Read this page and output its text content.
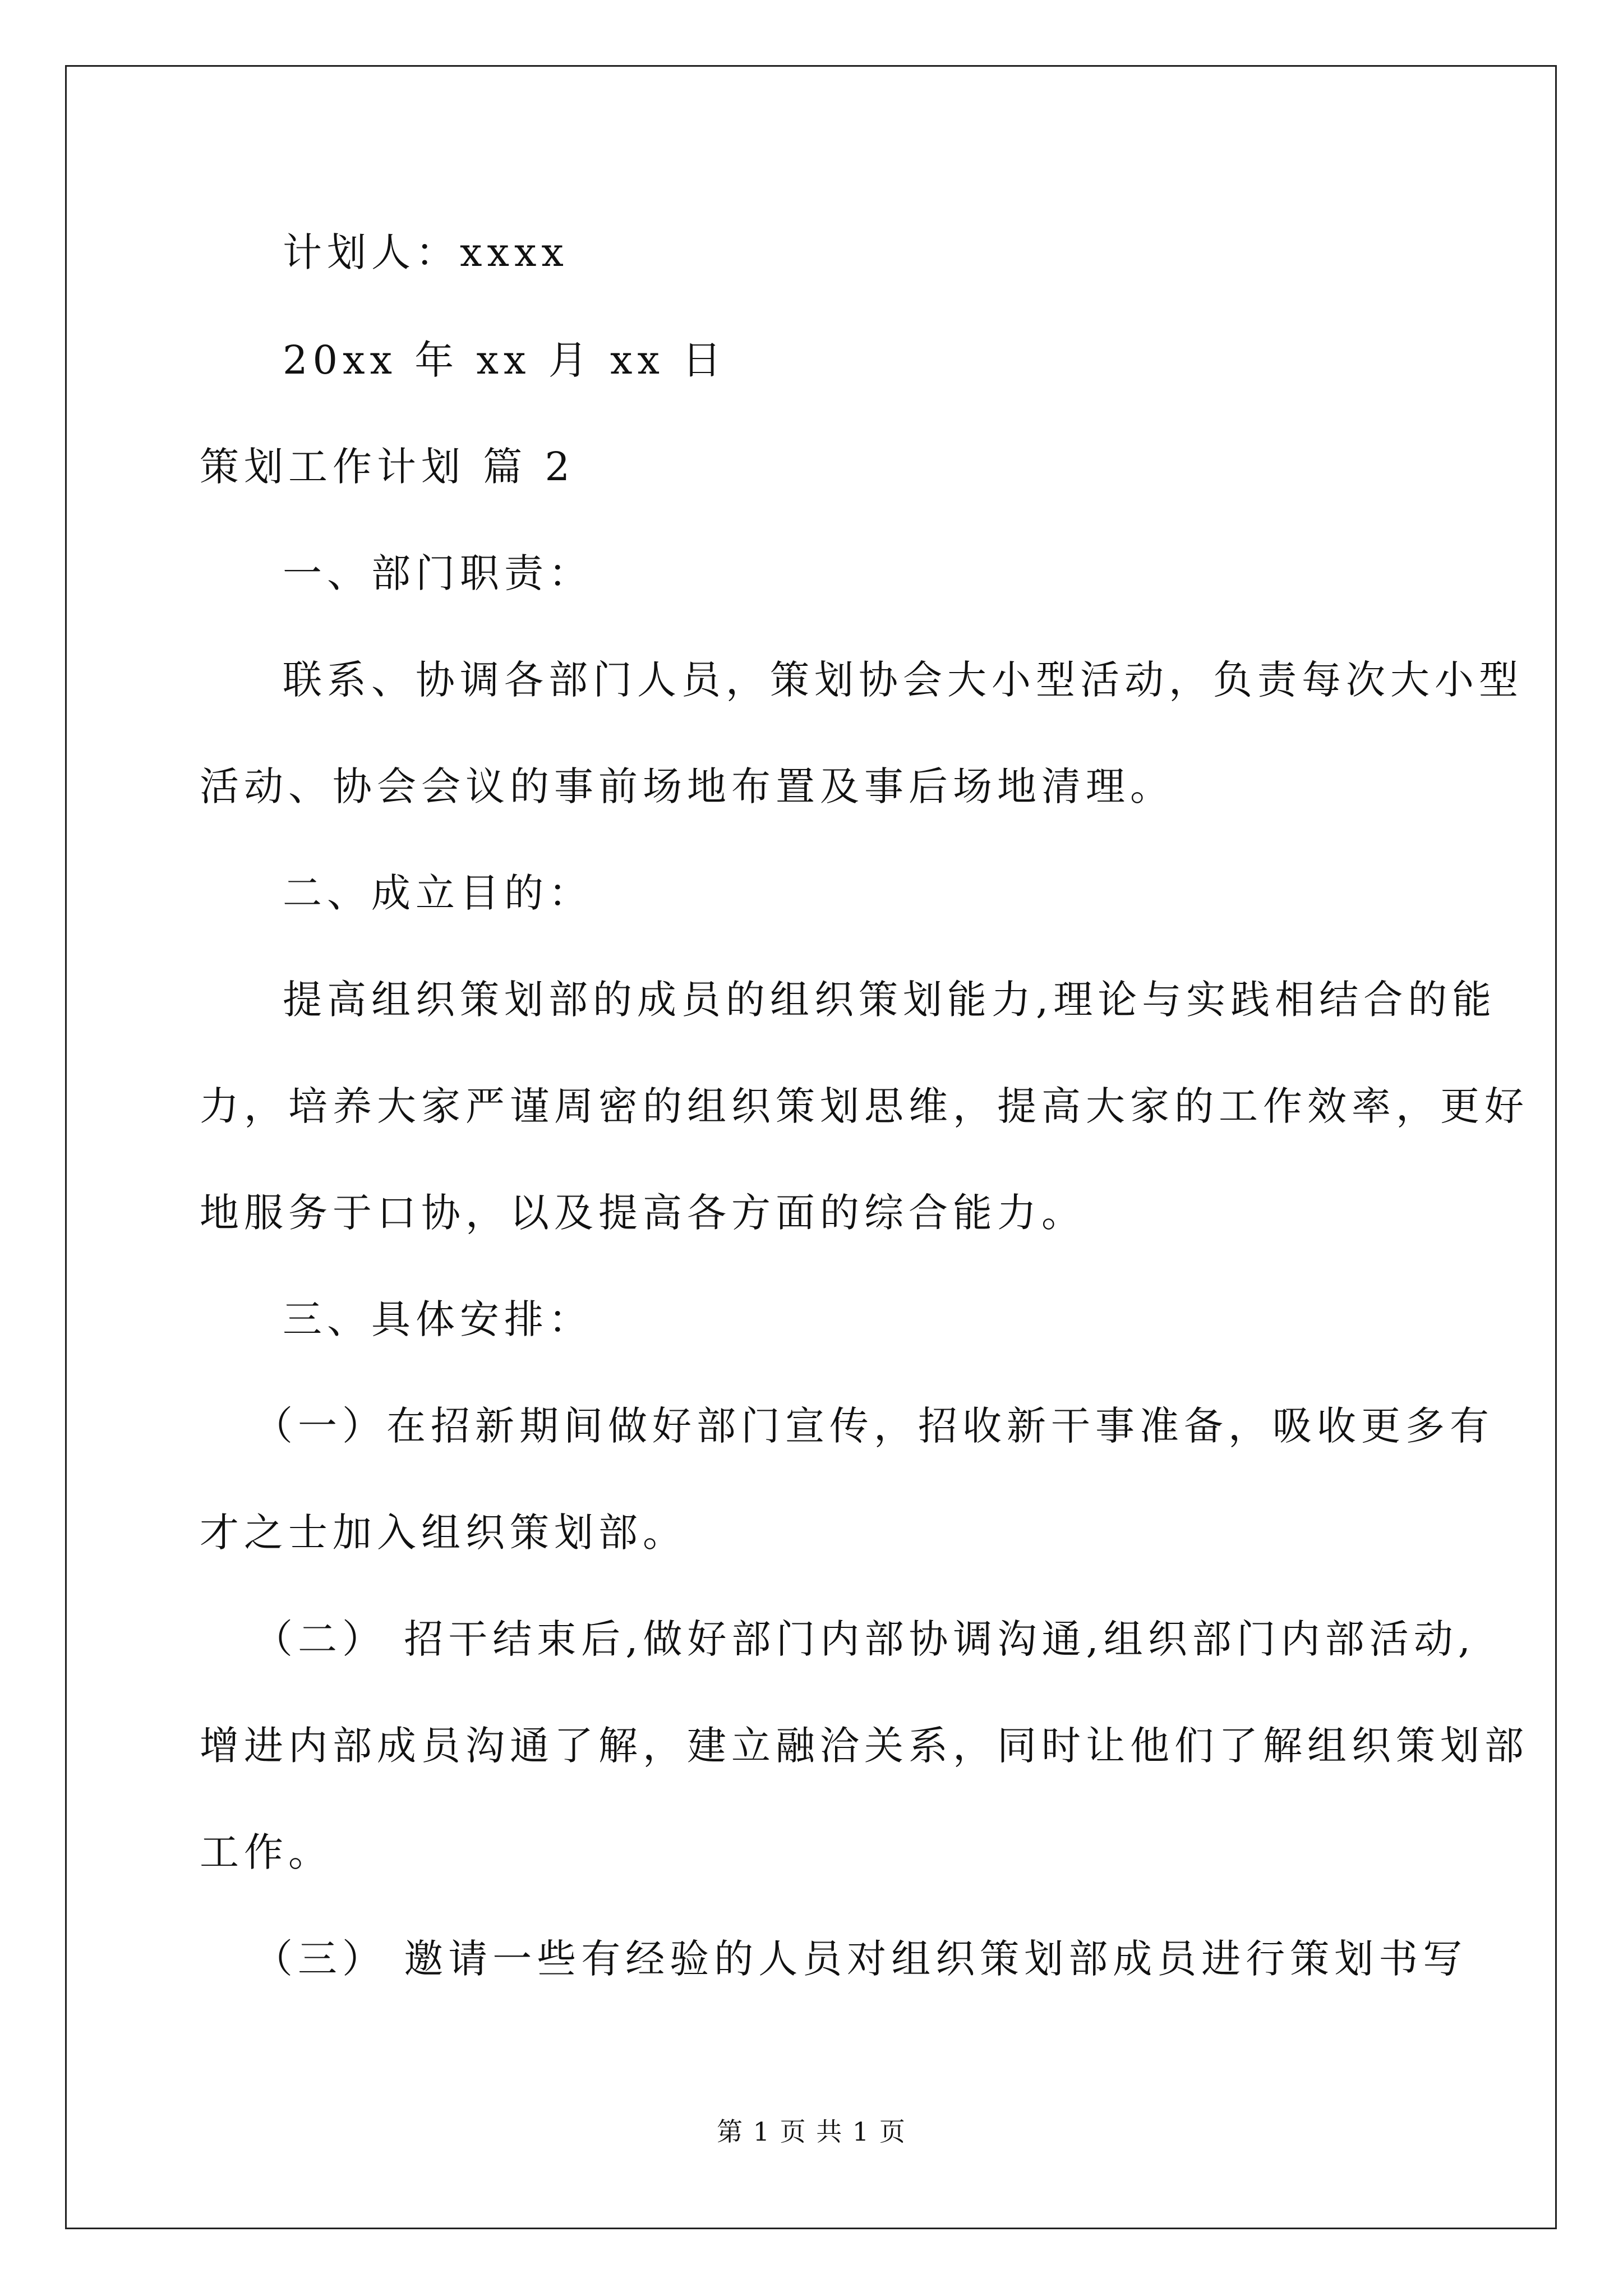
计划人：xxxx
20xx 年 xx 月 xx 日
策划工作计划 篇 2
一、部门职责：
联系、协调各部门人员，策划协会大小型活动，负责每次大小型
活动、协会会议的事前场地布置及事后场地清理。
二、成立目的：
提高组织策划部的成员的组织策划能力,理论与实践相结合的能
力，培养大家严谨周密的组织策划思维，提高大家的工作效率，更好
地服务于口协，以及提高各方面的综合能力。
三、具体安排：
（一）在招新期间做好部门宣传，招收新干事准备，吸收更多有
才之士加入组织策划部。
（二） 招干结束后,做好部门内部协调沟通,组织部门内部活动,
增进内部成员沟通了解，建立融洽关系，同时让他们了解组织策划部
工作。
（三） 邀请一些有经验的人员对组织策划部成员进行策划书写
第 1 页 共 1 页
